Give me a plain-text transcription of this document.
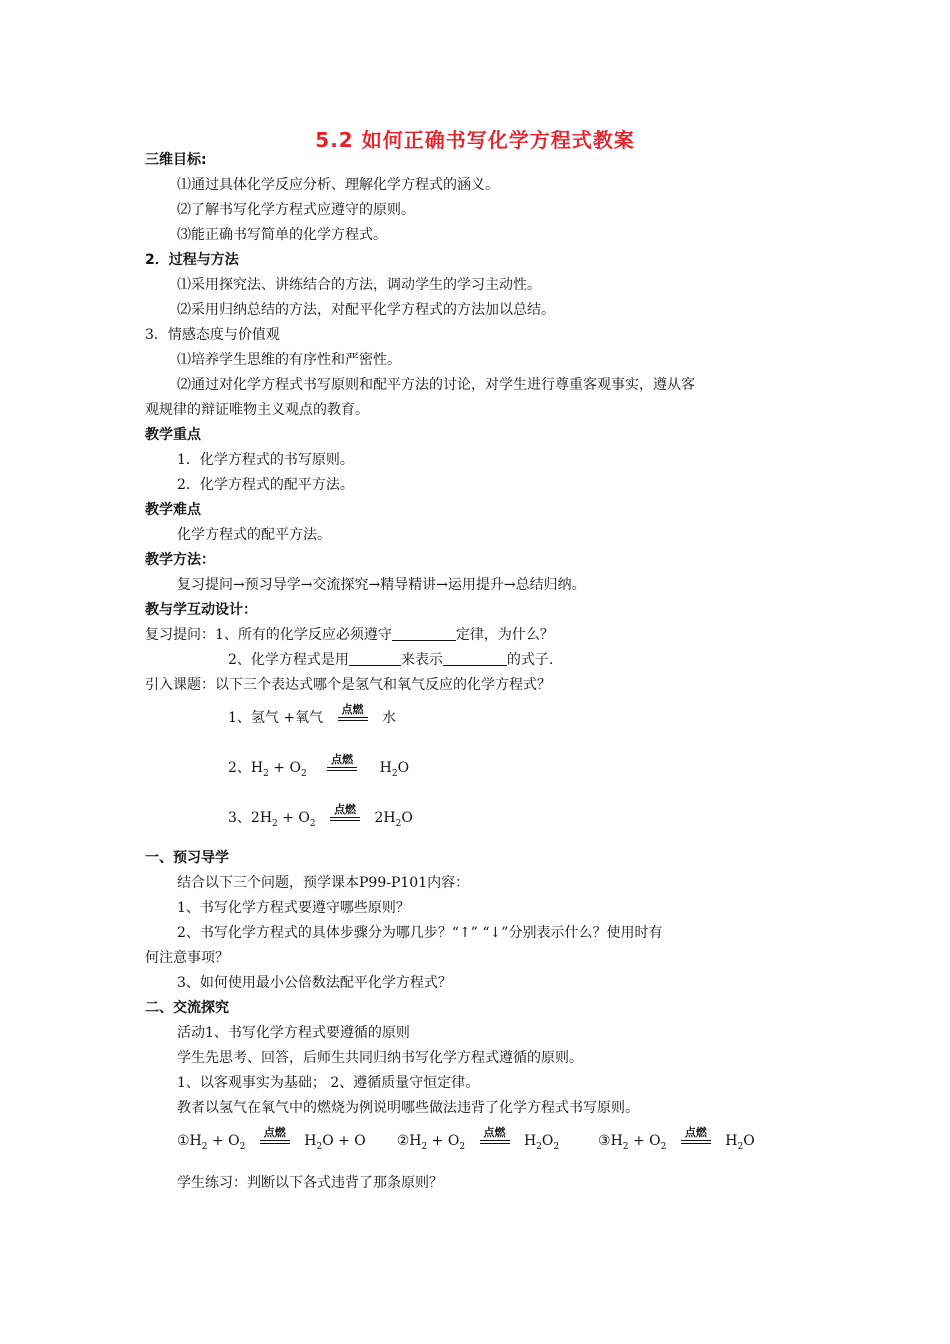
5.2 如何正确书写化学方程式教案
三维目标:
⑴通过具体化学反应分析、理解化学方程式的涵义。
⑵了解书写化学方程式应遵守的原则。
⑶能正确书写简单的化学方程式。
2．过程与方法
⑴采用探究法、讲练结合的方法，调动学生的学习主动性。
⑵采用归纳总结的方法，对配平化学方程式的方法加以总结。
3．情感态度与价值观
⑴培养学生思维的有序性和严密性。
⑵通过对化学方程式书写原则和配平方法的讨论，对学生进行尊重客观事实，遵从客
观规律的辩证唯物主义观点的教育。
教学重点
1．化学方程式的书写原则。
2．化学方程式的配平方法。
教学难点
化学方程式的配平方法。
教学方法：
复习提问→预习导学→交流探究→精导精讲→运用提升→总结归纳。
教与学互动设计：
复习提问：1、所有的化学反应必须遵守	定律，为什么？
2、化学方程式是用	来表示	的式子.
引入课题：以下三个表达式哪个是氢气和氧气反应的化学方程式？
1、氢气 +氧气
点燃
水
2、$H_2 + O_2$
点燃
$H_2O$
3、$2H_2 + O_2$
点燃
$2H_2O$
一、预习导学
结合以下三个问题，预学课本P99-P101内容：
1、书写化学方程式要遵守哪些原则？
2、书写化学方程式的具体步骤分为哪几步？“↑” “↓”分别表示什么？使用时有
何注意事项？
3、如何使用最小公倍数法配平化学方程式？
二、交流探究
活动1、书写化学方程式要遵循的原则
学生先思考、回答，后师生共同归纳书写化学方程式遵循的原则。
1、以客观事实为基础； 2、遵循质量守恒定律。
教者以氢气在氧气中的燃烧为例说明哪些做法违背了化学方程式书写原则。
$①H_2 + O_2$
点燃
$H_2O + O$ $②H_2 + O_2$
点燃
$H_2O_2$	$③H_2 + O_2$
点燃
$H_2O$
学生练习：判断以下各式违背了那条原则？
